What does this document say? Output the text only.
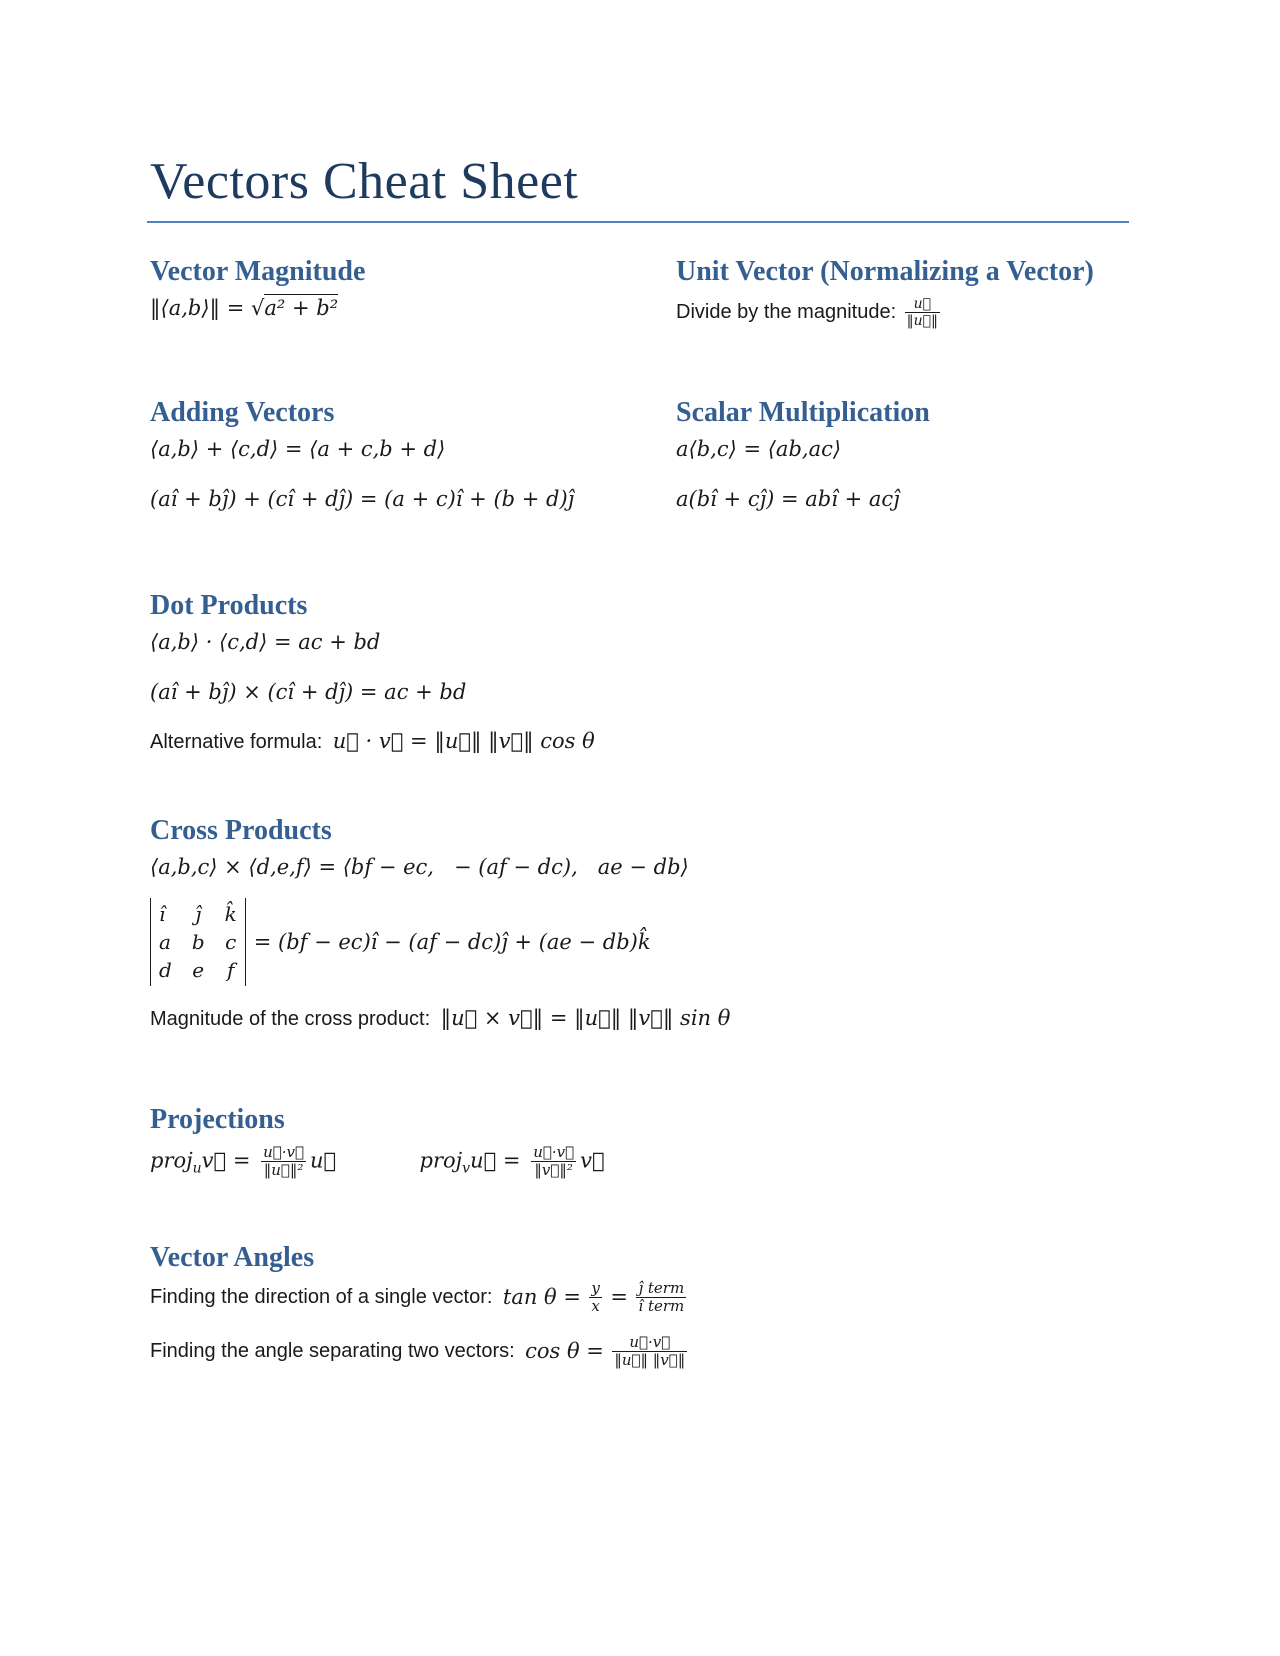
Vectors Cheat Sheet
Vector Magnitude
‖⟨a,b⟩‖ = √a² + b²
Unit Vector (Normalizing a Vector)
Divide by the magnitude: $\frac{u⃗}{‖u⃗‖}$
Adding Vectors
⟨a,b⟩ + ⟨c,d⟩ = ⟨a + c,b + d⟩
(aî + bĵ) + (cî + dĵ) = (a + c)î + (b + d)ĵ
Scalar Multiplication
a⟨b,c⟩ = ⟨ab,ac⟩
a(bî + cĵ) = abî + acĵ
Dot Products
⟨a,b⟩ · ⟨c,d⟩ = ac + bd
(aî + bĵ) × (cî + dĵ) = ac + bd
Alternative formula: u⃗ · v⃗ = ‖u⃗‖ ‖v⃗‖ cos θ
Cross Products
⟨a,b,c⟩ × ⟨d,e,f⟩ = ⟨bf − ec,   − (af − dc),   ae − db⟩
î	ĵ	k̂
a	b	c
d	e	f
= (bf − ec)î − (af − dc)ĵ + (ae − db)k̂
Magnitude of the cross product: ‖u⃗ × v⃗‖ = ‖u⃗‖ ‖v⃗‖ sin θ
Projections
proj$_u$v⃗ = $\frac{u⃗\cdot v⃗}{\text{‖u⃗‖²}}$ u⃗	proj$_v$u⃗ = $\frac{u⃗\cdot v⃗}{\text{‖v⃗‖²}}$ v⃗
Vector Angles
Finding the direction of a single vector: $\tan \theta = \frac{y}{x} = \frac{\text{ĵ term}}{\text{î term}}$
Finding the angle separating two vectors: $\cos \theta = \frac{u⃗\cdot v⃗}{‖u⃗‖ ‖v⃗‖}$
